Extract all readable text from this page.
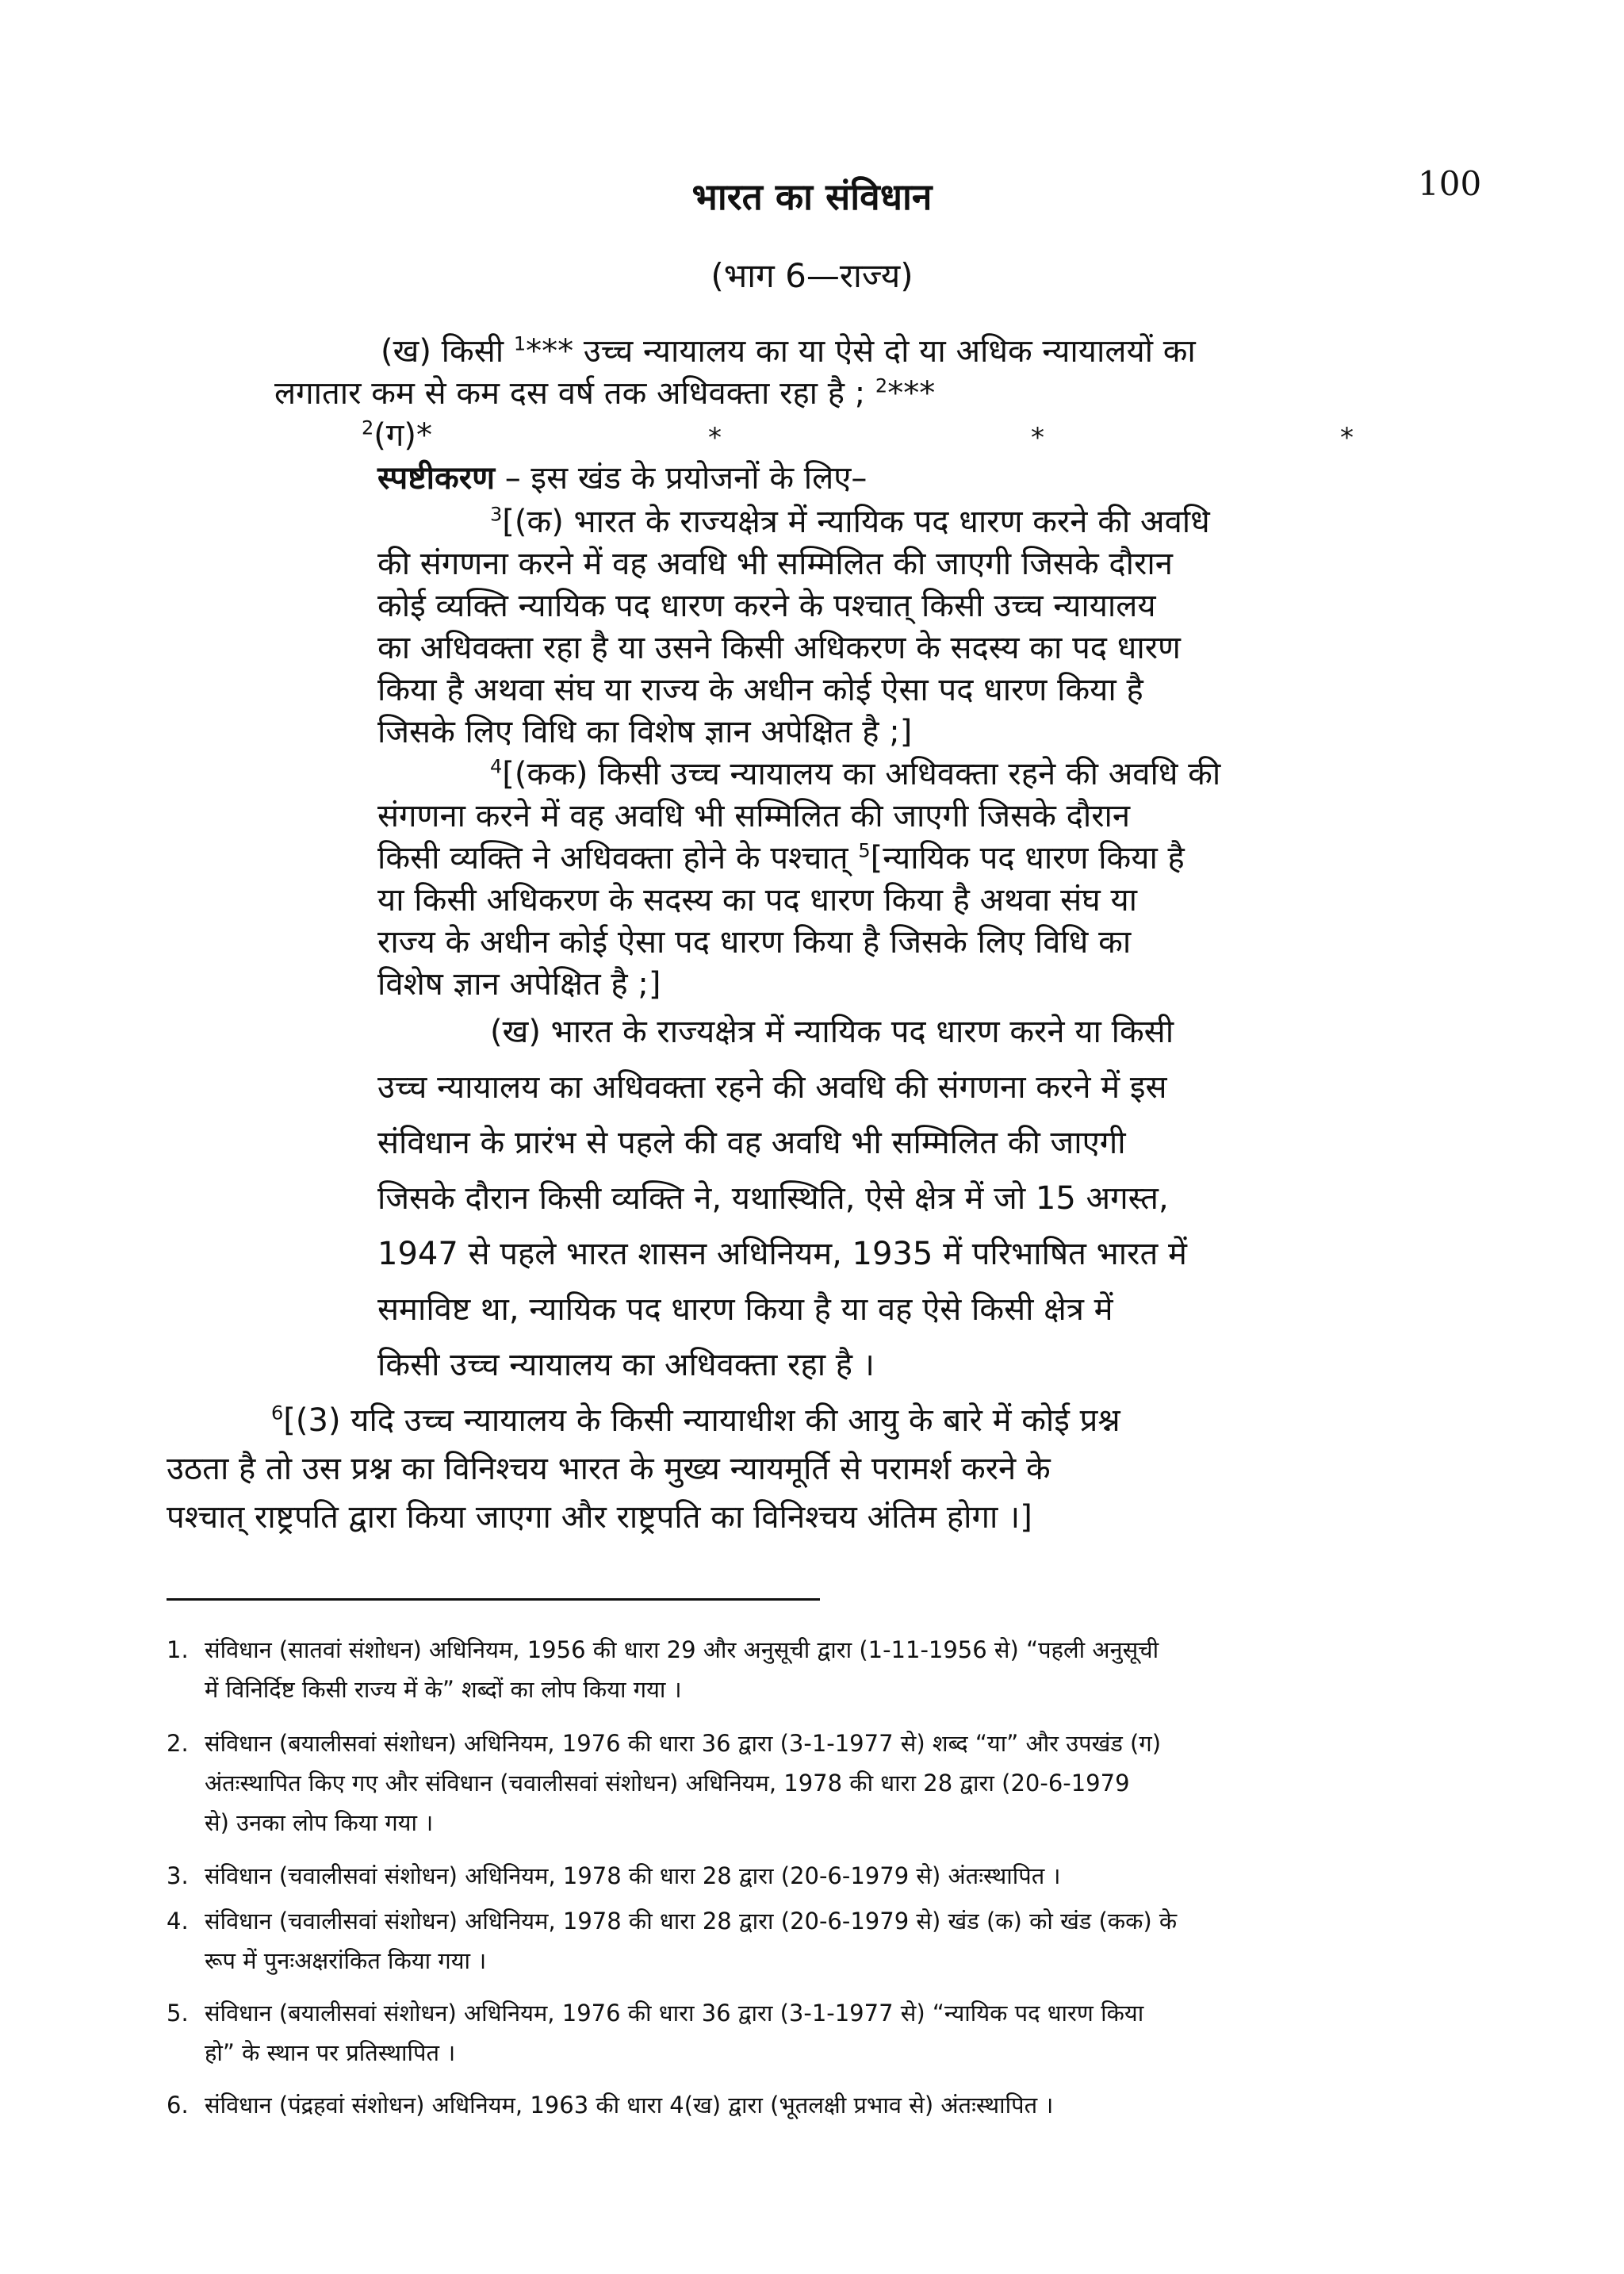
100
भारत का संविधान
(भाग 6—राज्य)
(ख) किसी $^1$*** उच्च न्यायालय का या ऐसे दो या अधिक न्यायालयों का
लगातार कम से कम दस वर्ष तक अधिवक्ता रहा है ; $^2$***
$^2$(ग)*	*	*	*
स्पष्टीकरण – इस खंड के प्रयोजनों के लिए–
$^3$[(क) भारत के राज्यक्षेत्र में न्यायिक पद धारण करने की अवधि
की संगणना करने में वह अवधि भी सम्मिलित की जाएगी जिसके दौरान
कोई व्यक्ति न्यायिक पद धारण करने के पश्चात् किसी उच्च न्यायालय
का अधिवक्ता रहा है या उसने किसी अधिकरण के सदस्य का पद धारण
किया है अथवा संघ या राज्य के अधीन कोई ऐसा पद धारण किया है
जिसके लिए विधि का विशेष ज्ञान अपेक्षित है ;]
$^4$[(कक) किसी उच्च न्यायालय का अधिवक्ता रहने की अवधि की
संगणना करने में वह अवधि भी सम्मिलित की जाएगी जिसके दौरान
किसी व्यक्ति ने अधिवक्ता होने के पश्चात् $^5$[न्यायिक पद धारण किया है
या किसी अधिकरण के सदस्य का पद धारण किया है अथवा संघ या
राज्य के अधीन कोई ऐसा पद धारण किया है जिसके लिए विधि का
विशेष ज्ञान अपेक्षित है ;]
(ख) भारत के राज्यक्षेत्र में न्यायिक पद धारण करने या किसी
उच्च न्यायालय का अधिवक्ता रहने की अवधि की संगणना करने में इस
संविधान के प्रारंभ से पहले की वह अवधि भी सम्मिलित की जाएगी
जिसके दौरान किसी व्यक्ति ने, यथास्थिति, ऐसे क्षेत्र में जो 15 अगस्त,
1947 से पहले भारत शासन अधिनियम, 1935 में परिभाषित भारत में
समाविष्ट था, न्यायिक पद धारण किया है या वह ऐसे किसी क्षेत्र में
किसी उच्च न्यायालय का अधिवक्ता रहा है ।
$^6$[(3) यदि उच्च न्यायालय के किसी न्यायाधीश की आयु के बारे में कोई प्रश्न
उठता है तो उस प्रश्न का विनिश्चय भारत के मुख्य न्यायमूर्ति से परामर्श करने के
पश्चात् राष्ट्रपति द्वारा किया जाएगा और राष्ट्रपति का विनिश्चय अंतिम होगा ।]
1. संविधान (सातवां संशोधन) अधिनियम, 1956 की धारा 29 और अनुसूची द्वारा (1-11-1956 से) “पहली अनुसूची
में विनिर्दिष्ट किसी राज्य में के” शब्दों का लोप किया गया ।
2. संविधान (बयालीसवां संशोधन) अधिनियम, 1976 की धारा 36 द्वारा (3-1-1977 से) शब्द “या” और उपखंड (ग)
अंतःस्थापित किए गए और संविधान (चवालीसवां संशोधन) अधिनियम, 1978 की धारा 28 द्वारा (20-6-1979
से) उनका लोप किया गया ।
3. संविधान (चवालीसवां संशोधन) अधिनियम, 1978 की धारा 28 द्वारा (20-6-1979 से) अंतःस्थापित ।
4. संविधान (चवालीसवां संशोधन) अधिनियम, 1978 की धारा 28 द्वारा (20-6-1979 से) खंड (क) को खंड (कक) के
रूप में पुनःअक्षरांकित किया गया ।
5. संविधान (बयालीसवां संशोधन) अधिनियम, 1976 की धारा 36 द्वारा (3-1-1977 से) “न्यायिक पद धारण किया
हो” के स्थान पर प्रतिस्थापित ।
6. संविधान (पंद्रहवां संशोधन) अधिनियम, 1963 की धारा 4(ख) द्वारा (भूतलक्षी प्रभाव से) अंतःस्थापित ।
